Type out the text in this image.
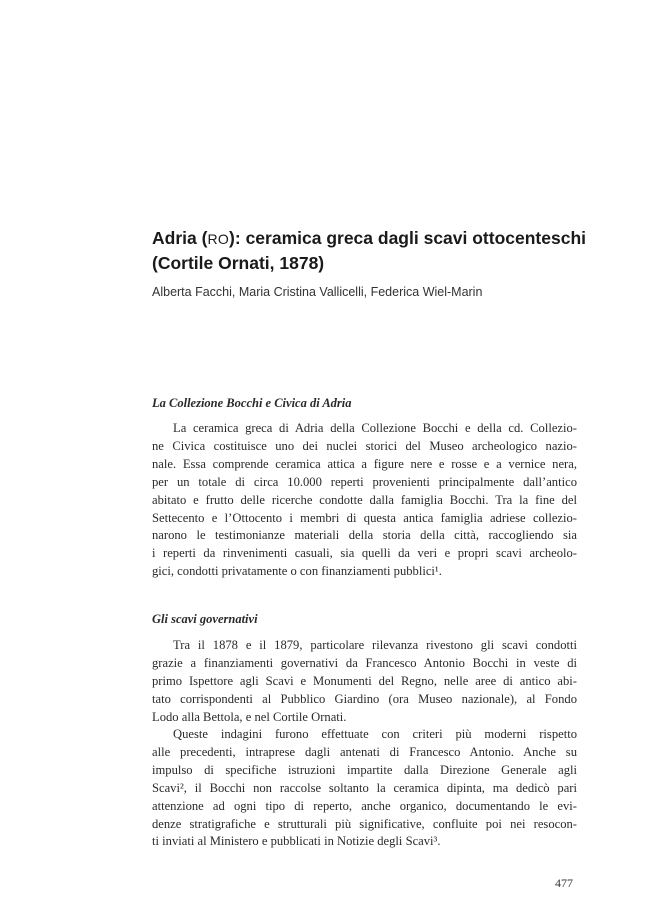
Adria (RO): ceramica greca dagli scavi ottocenteschi
(Cortile Ornati, 1878)

Alberta Facchi, Maria Cristina Vallicelli, Federica Wiel-Marin

La Collezione Bocchi e Civica di Adria

La ceramica greca di Adria della Collezione Bocchi e della cd. Collezio-
ne Civica costituisce uno dei nuclei storici del Museo archeologico nazio-
nale. Essa comprende ceramica attica a figure nere e rosse e a vernice nera,
per un totale di circa 10.000 reperti provenienti principalmente dall’antico
abitato e frutto delle ricerche condotte dalla famiglia Bocchi. Tra la fine del
Settecento e l’Ottocento i membri di questa antica famiglia adriese collezio-
narono le testimonianze materiali della storia della città, raccogliendo sia
i reperti da rinvenimenti casuali, sia quelli da veri e propri scavi archeolo-
gici, condotti privatamente o con finanziamenti pubblici¹.

Gli scavi governativi

Tra il 1878 e il 1879, particolare rilevanza rivestono gli scavi condotti
grazie a finanziamenti governativi da Francesco Antonio Bocchi in veste di
primo Ispettore agli Scavi e Monumenti del Regno, nelle aree di antico abi-
tato corrispondenti al Pubblico Giardino (ora Museo nazionale), al Fondo
Lodo alla Bettola, e nel Cortile Ornati.

Queste indagini furono effettuate con criteri più moderni rispetto
alle precedenti, intraprese dagli antenati di Francesco Antonio. Anche su
impulso di specifiche istruzioni impartite dalla Direzione Generale agli
Scavi², il Bocchi non raccolse soltanto la ceramica dipinta, ma dedicò pari
attenzione ad ogni tipo di reperto, anche organico, documentando le evi-
denze stratigrafiche e strutturali più significative, confluite poi nei resocon-
ti inviati al Ministero e pubblicati in Notizie degli Scavi³.

477
